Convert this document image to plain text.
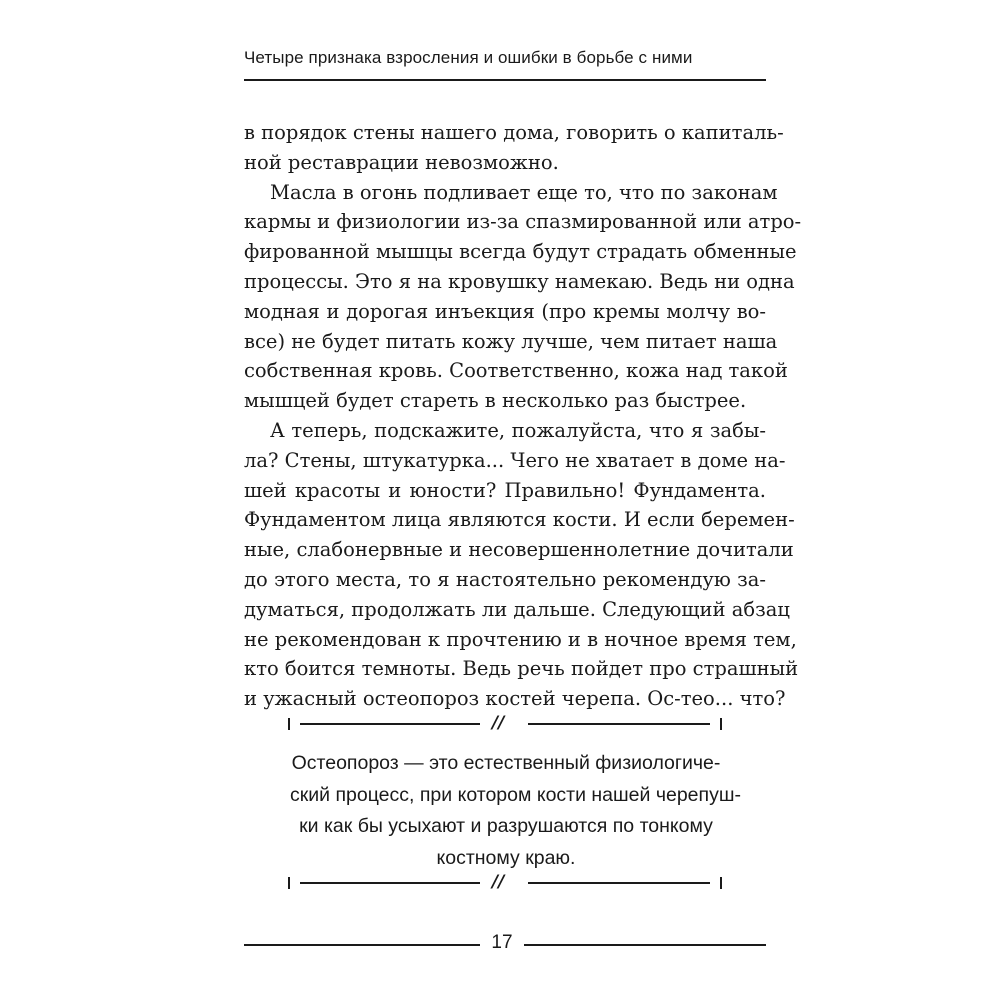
Четыре признака взросления и ошибки в борьбе с ними
в порядок стены нашего дома, говорить о капиталь-
ной реставрации невозможно.
Масла в огонь подливает еще то, что по законам
кармы и физиологии из-за спазмированной или атро-
фированной мышцы всегда будут страдать обменные
процессы. Это я на кровушку намекаю. Ведь ни одна
модная и дорогая инъекция (про кремы молчу во-
все) не будет питать кожу лучше, чем питает наша
собственная кровь. Соответственно, кожа над такой
мышцей будет стареть в несколько раз быстрее.
А теперь, подскажите, пожалуйста, что я забы-
ла? Стены, штукатурка... Чего не хватает в доме на-
шей красоты и юности? Правильно! Фундамента.
Фундаментом лица являются кости. И если беремен-
ные, слабонервные и несовершеннолетние дочитали
до этого места, то я настоятельно рекомендую за-
думаться, продолжать ли дальше. Следующий абзац
не рекомендован к прочтению и в ночное время тем,
кто боится темноты. Ведь речь пойдет про страшный
и ужасный остеопороз костей черепа. Ос-тео... что?
//
Остеопороз — это естественный физиологиче-
ский процесс, при котором кости нашей черепуш-
ки как бы усыхают и разрушаются по тонкому
костному краю.
//
17
